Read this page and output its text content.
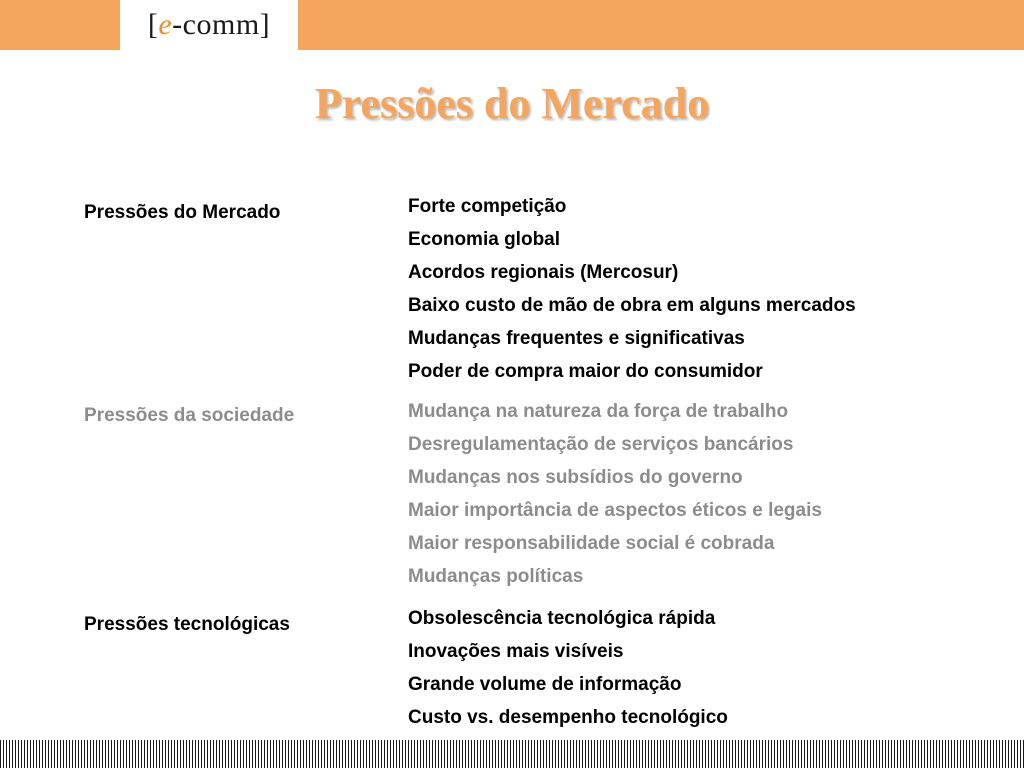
[ e -comm ]
Pressões do Mercado
Pressões do Mercado	Forte competição
Economia global
Acordos regionais (Mercosur)
Baixo custo de mão de obra em alguns mercados
Mudanças frequentes e significativas
Poder de compra maior do consumidor
Pressões da sociedade	Mudança na natureza da força de trabalho
Desregulamentação de serviços bancários
Mudanças nos subsídios do governo
Maior importância de aspectos éticos e legais
Maior responsabilidade social é cobrada
Mudanças políticas
Pressões tecnológicas	Obsolescência tecnológica rápida
Inovações mais visíveis
Grande volume de informação
Custo vs. desempenho tecnológico
